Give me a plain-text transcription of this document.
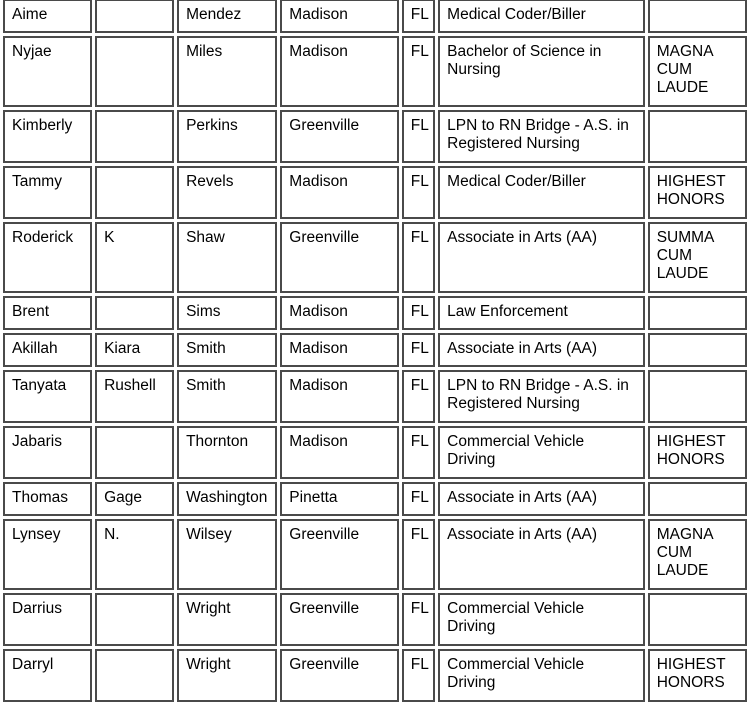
Aime		Mendez	Madison	FL	Medical Coder/Biller	
Nyjae		Miles	Madison	FL	Bachelor of Science in Nursing	MAGNA CUM LAUDE
Kimberly		Perkins	Greenville	FL	LPN to RN Bridge - A.S. in Registered Nursing	
Tammy		Revels	Madison	FL	Medical Coder/Biller	HIGHEST HONORS
Roderick	K	Shaw	Greenville	FL	Associate in Arts (AA)	SUMMA CUM LAUDE
Brent		Sims	Madison	FL	Law Enforcement	
Akillah	Kiara	Smith	Madison	FL	Associate in Arts (AA)	
Tanyata	Rushell	Smith	Madison	FL	LPN to RN Bridge - A.S. in Registered Nursing	
Jabaris		Thornton	Madison	FL	Commercial Vehicle Driving	HIGHEST HONORS
Thomas	Gage	Washington	Pinetta	FL	Associate in Arts (AA)	
Lynsey	N.	Wilsey	Greenville	FL	Associate in Arts (AA)	MAGNA CUM LAUDE
Darrius		Wright	Greenville	FL	Commercial Vehicle Driving	
Darryl		Wright	Greenville	FL	Commercial Vehicle Driving	HIGHEST HONORS
